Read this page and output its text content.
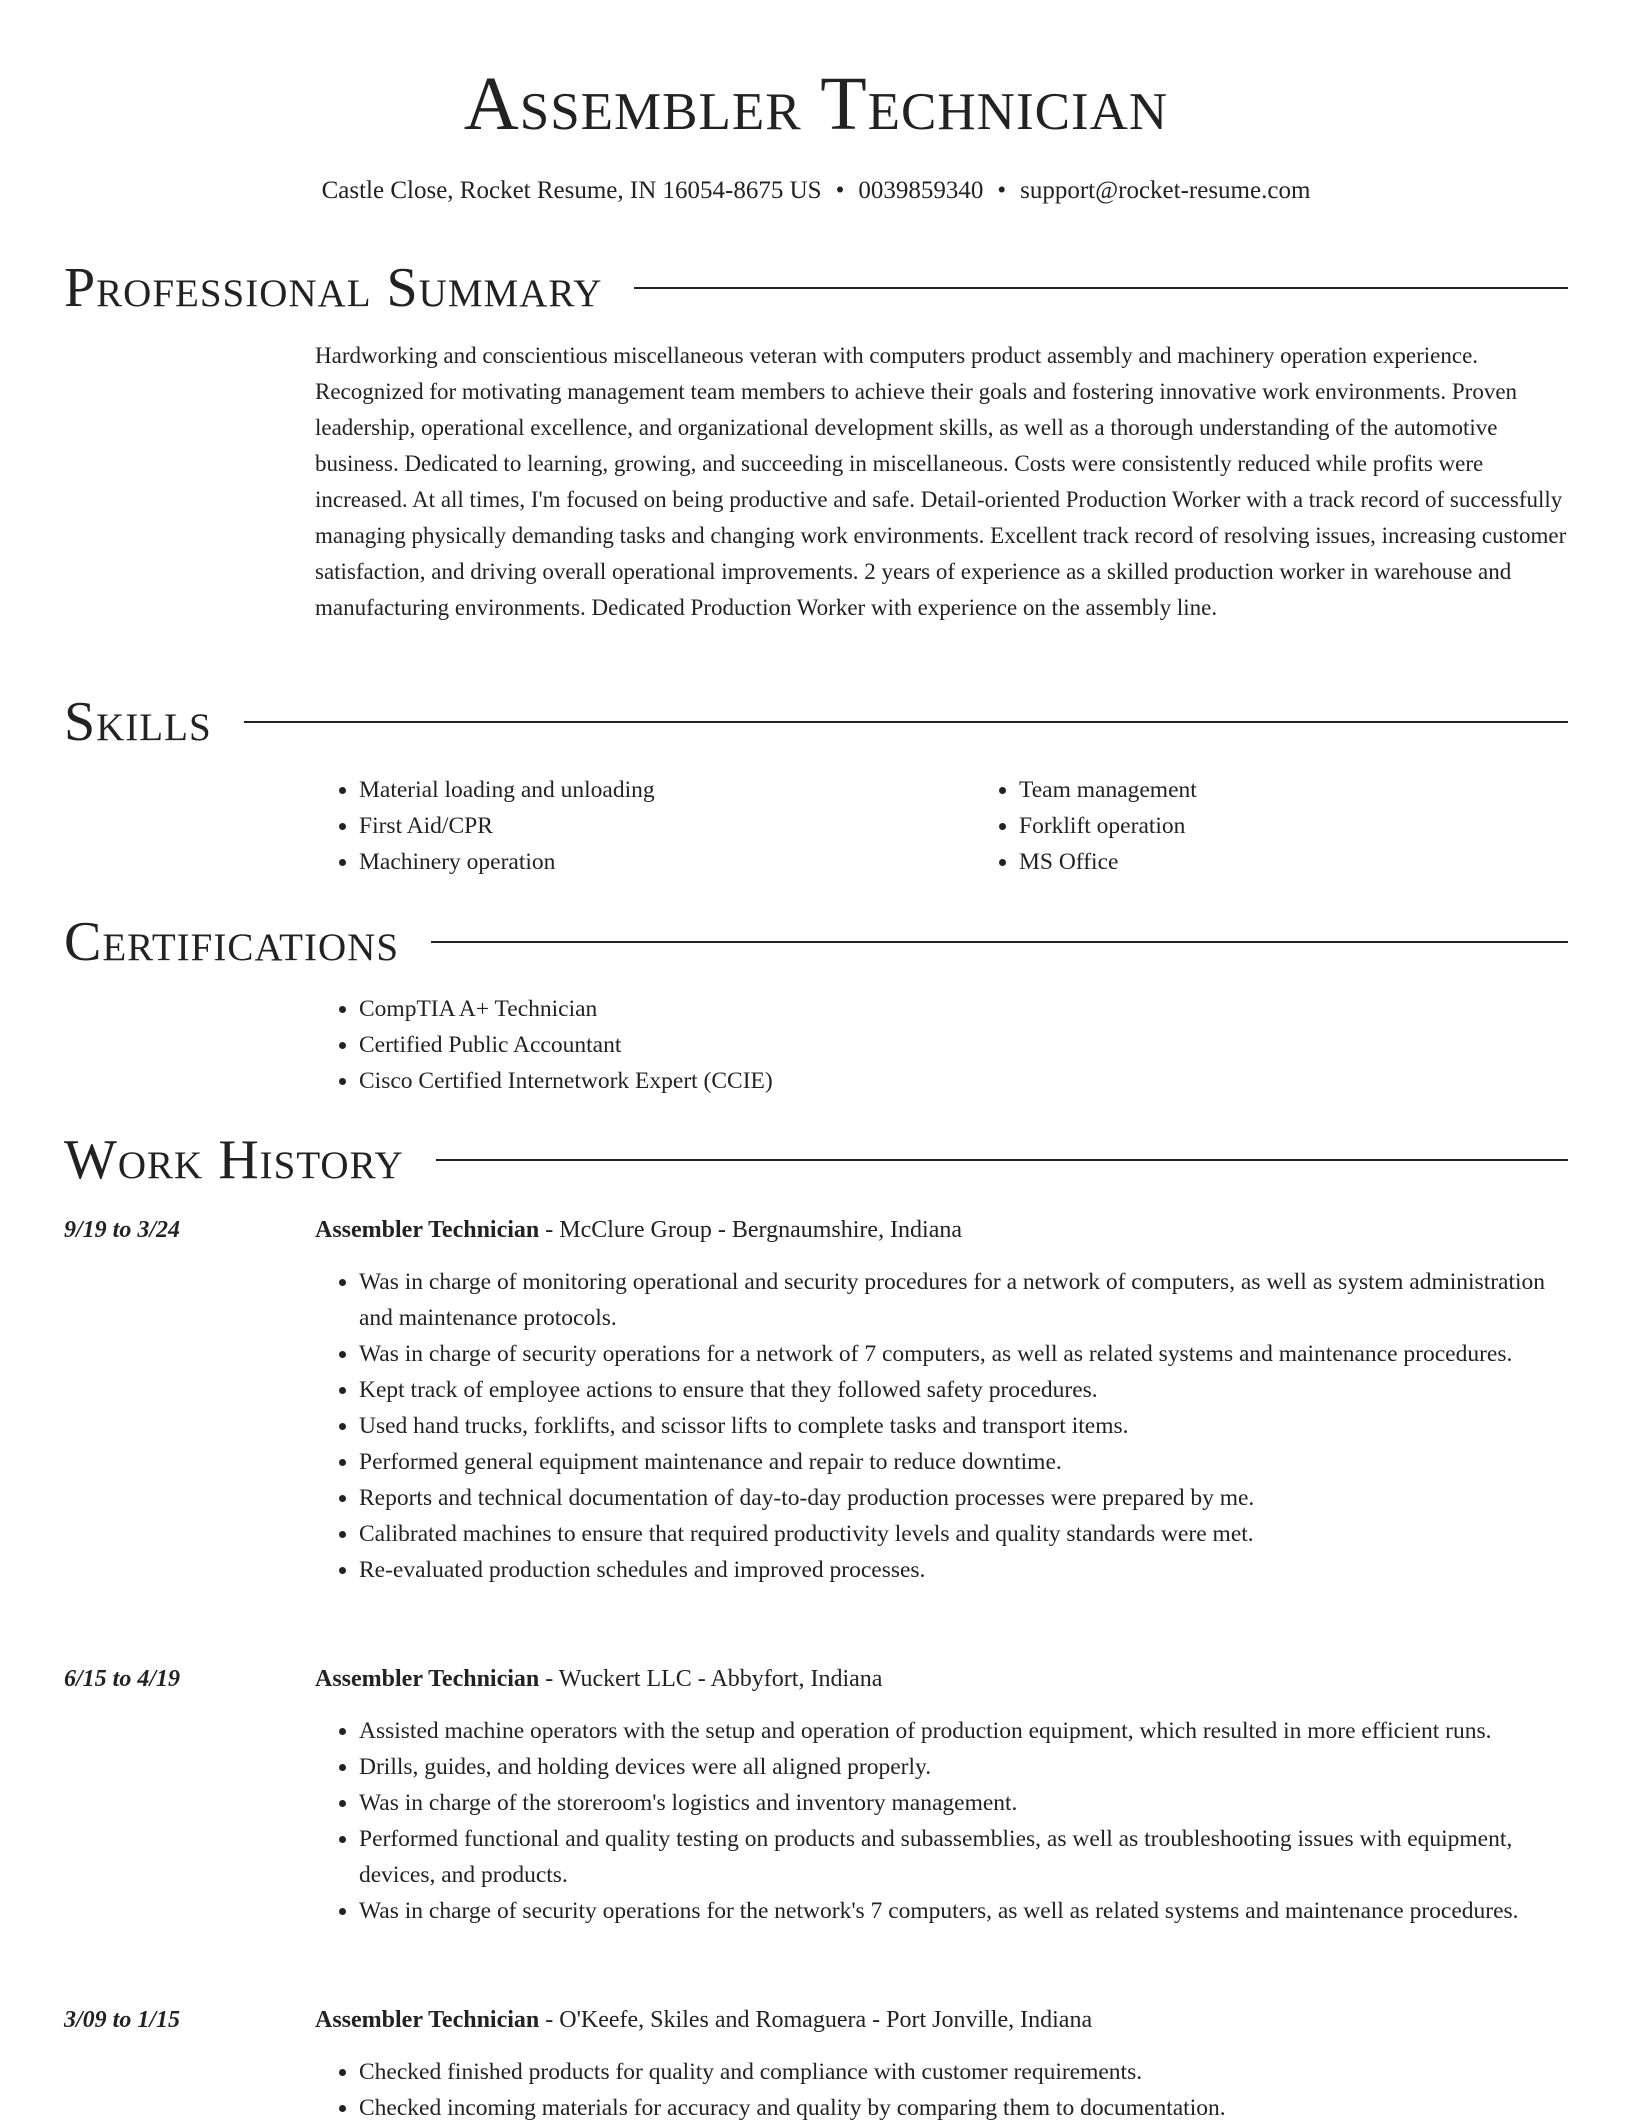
Assembler Technician
Castle Close, Rocket Resume, IN 16054-8675 US • 0039859340 • support@rocket-resume.com
Professional Summary

Hardworking and conscientious miscellaneous veteran with computers product assembly and machinery operation experience. Recognized for motivating management team members to achieve their goals and fostering innovative work environments. Proven leadership, operational excellence, and organizational development skills, as well as a thorough understanding of the automotive business. Dedicated to learning, growing, and succeeding in miscellaneous. Costs were consistently reduced while profits were increased. At all times, I'm focused on being productive and safe. Detail-oriented Production Worker with a track record of successfully managing physically demanding tasks and changing work environments. Excellent track record of resolving issues, increasing customer satisfaction, and driving overall operational improvements. 2 years of experience as a skilled production worker in warehouse and manufacturing environments. Dedicated Production Worker with experience on the assembly line.

Skills
• Material loading and unloading
• First Aid/CPR
• Machinery operation
• Team management
• Forklift operation
• MS Office
Certifications
• CompTIA A+ Technician
• Certified Public Accountant
• Cisco Certified Internetwork Expert (CCIE)
Work History
9/19 to 3/24	Assembler Technician - McClure Group - Bergnaumshire, Indiana
• Was in charge of monitoring operational and security procedures for a network of computers, as well as system administration and maintenance protocols.
• Was in charge of security operations for a network of 7 computers, as well as related systems and maintenance procedures.
• Kept track of employee actions to ensure that they followed safety procedures.
• Used hand trucks, forklifts, and scissor lifts to complete tasks and transport items.
• Performed general equipment maintenance and repair to reduce downtime.
• Reports and technical documentation of day-to-day production processes were prepared by me.
• Calibrated machines to ensure that required productivity levels and quality standards were met.
• Re-evaluated production schedules and improved processes.
6/15 to 4/19	Assembler Technician - Wuckert LLC - Abbyfort, Indiana
• Assisted machine operators with the setup and operation of production equipment, which resulted in more efficient runs.
• Drills, guides, and holding devices were all aligned properly.
• Was in charge of the storeroom's logistics and inventory management.
• Performed functional and quality testing on products and subassemblies, as well as troubleshooting issues with equipment, devices, and products.
• Was in charge of security operations for the network's 7 computers, as well as related systems and maintenance procedures.
3/09 to 1/15	Assembler Technician - O'Keefe, Skiles and Romaguera - Port Jonville, Indiana
• Checked finished products for quality and compliance with customer requirements.
• Checked incoming materials for accuracy and quality by comparing them to documentation.
